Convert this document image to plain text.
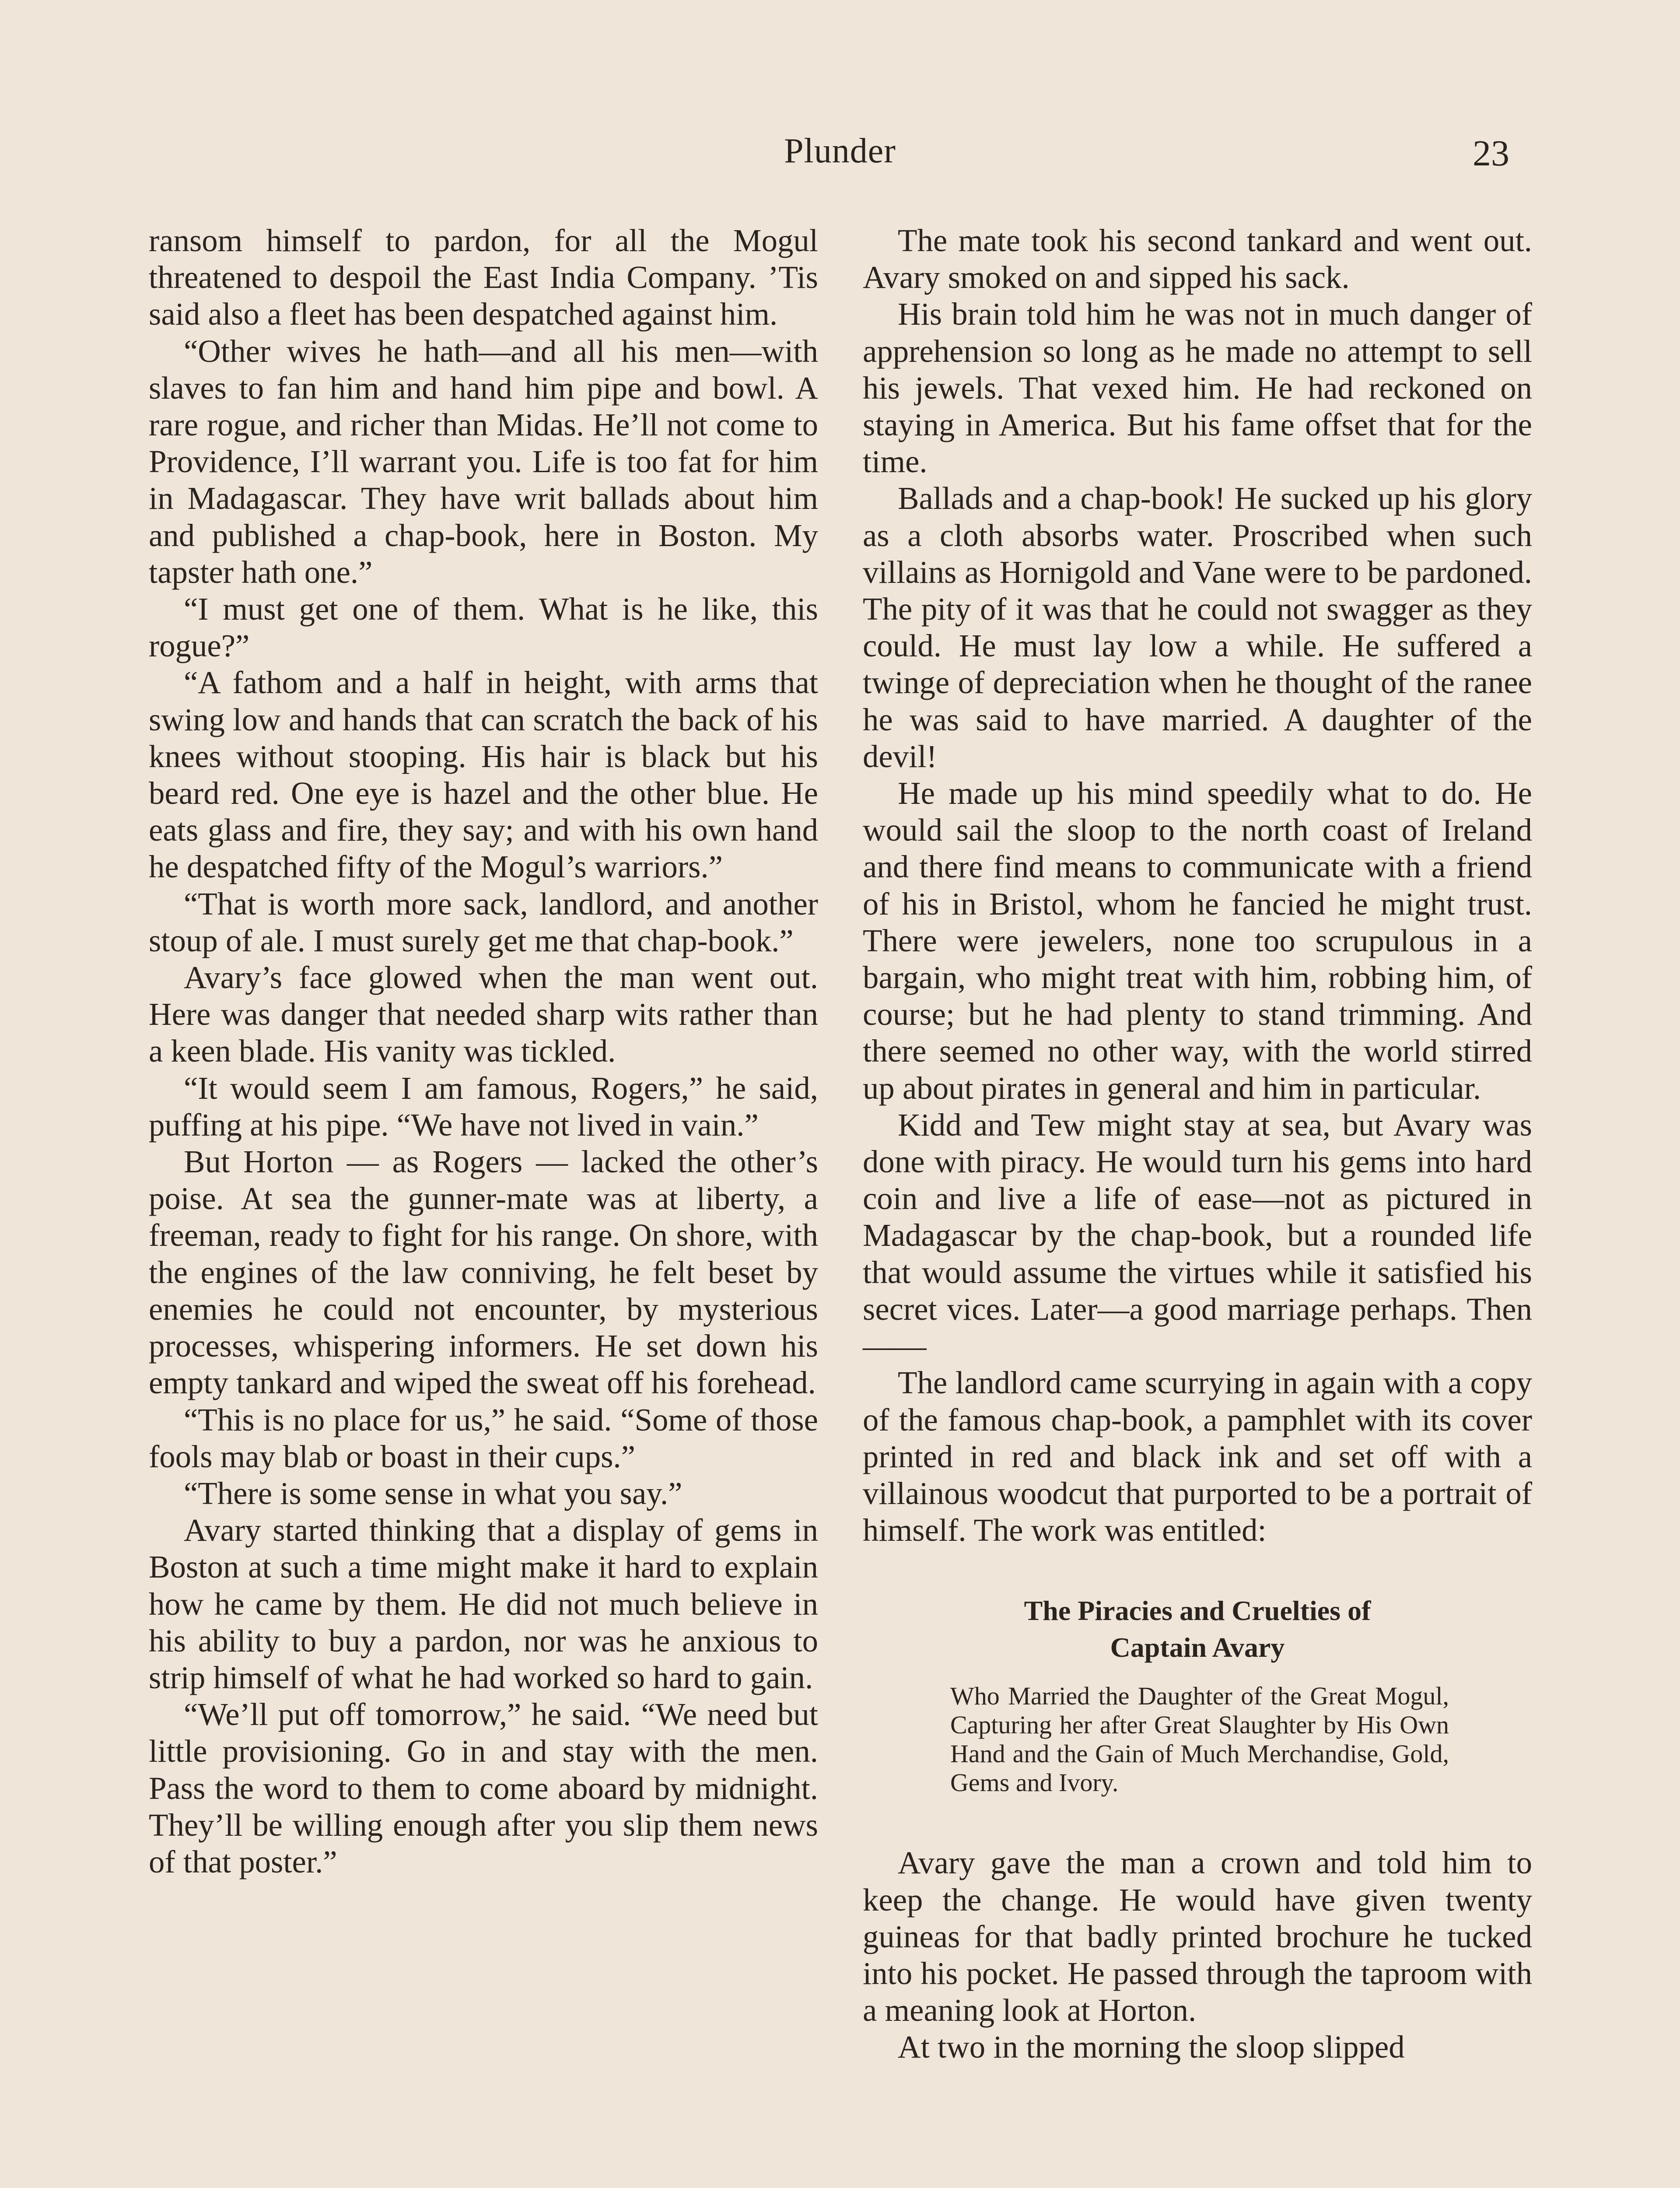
Plunder	23

ransom himself to pardon, for all the Mogul threatened to despoil the East India Company. ’Tis said also a fleet has been despatched against him.

“Other wives he hath—and all his men—with slaves to fan him and hand him pipe and bowl. A rare rogue, and richer than Midas. He’ll not come to Providence, I’ll warrant you. Life is too fat for him in Madagascar. They have writ ballads about him and published a chap-book, here in Boston. My tapster hath one.”

“I must get one of them. What is he like, this rogue?”

“A fathom and a half in height, with arms that swing low and hands that can scratch the back of his knees without stooping. His hair is black but his beard red. One eye is hazel and the other blue. He eats glass and fire, they say; and with his own hand he despatched fifty of the Mogul’s warriors.”

“That is worth more sack, landlord, and another stoup of ale. I must surely get me that chap-book.”

Avary’s face glowed when the man went out. Here was danger that needed sharp wits rather than a keen blade. His vanity was tickled.

“It would seem I am famous, Rogers,” he said, puffing at his pipe. “We have not lived in vain.”

But Horton — as Rogers — lacked the other’s poise. At sea the gunner-mate was at liberty, a freeman, ready to fight for his range. On shore, with the engines of the law conniving, he felt beset by enemies he could not encounter, by mysterious processes, whispering informers. He set down his empty tankard and wiped the sweat off his forehead.

“This is no place for us,” he said. “Some of those fools may blab or boast in their cups.”

“There is some sense in what you say.”

Avary started thinking that a display of gems in Boston at such a time might make it hard to explain how he came by them. He did not much believe in his ability to buy a pardon, nor was he anxious to strip himself of what he had worked so hard to gain.

“We’ll put off tomorrow,” he said. “We need but little provisioning. Go in and stay with the men. Pass the word to them to come aboard by midnight. They’ll be willing enough after you slip them news of that poster.”

The mate took his second tankard and went out. Avary smoked on and sipped his sack.

His brain told him he was not in much danger of apprehension so long as he made no attempt to sell his jewels. That vexed him. He had reckoned on staying in America. But his fame offset that for the time.

Ballads and a chap-book! He sucked up his glory as a cloth absorbs water. Proscribed when such villains as Hornigold and Vane were to be pardoned. The pity of it was that he could not swagger as they could. He must lay low a while. He suffered a twinge of depreciation when he thought of the ranee he was said to have married. A daughter of the devil!

He made up his mind speedily what to do. He would sail the sloop to the north coast of Ireland and there find means to communicate with a friend of his in Bristol, whom he fancied he might trust. There were jewelers, none too scrupulous in a bargain, who might treat with him, robbing him, of course; but he had plenty to stand trimming. And there seemed no other way, with the world stirred up about pirates in general and him in particular.

Kidd and Tew might stay at sea, but Avary was done with piracy. He would turn his gems into hard coin and live a life of ease—not as pictured in Madagascar by the chap-book, but a rounded life that would assume the virtues while it satisfied his secret vices. Later—a good marriage perhaps. Then——

The landlord came scurrying in again with a copy of the famous chap-book, a pamphlet with its cover printed in red and black ink and set off with a villainous woodcut that purported to be a portrait of himself. The work was entitled:

The Piracies and Cruelties of
Captain Avary
Who Married the Daughter of the Great Mogul, Capturing her after Great Slaughter by His Own Hand and the Gain of Much Merchandise, Gold, Gems and Ivory.

Avary gave the man a crown and told him to keep the change. He would have given twenty guineas for that badly printed brochure he tucked into his pocket. He passed through the taproom with a meaning look at Horton.

At two in the morning the sloop slipped
